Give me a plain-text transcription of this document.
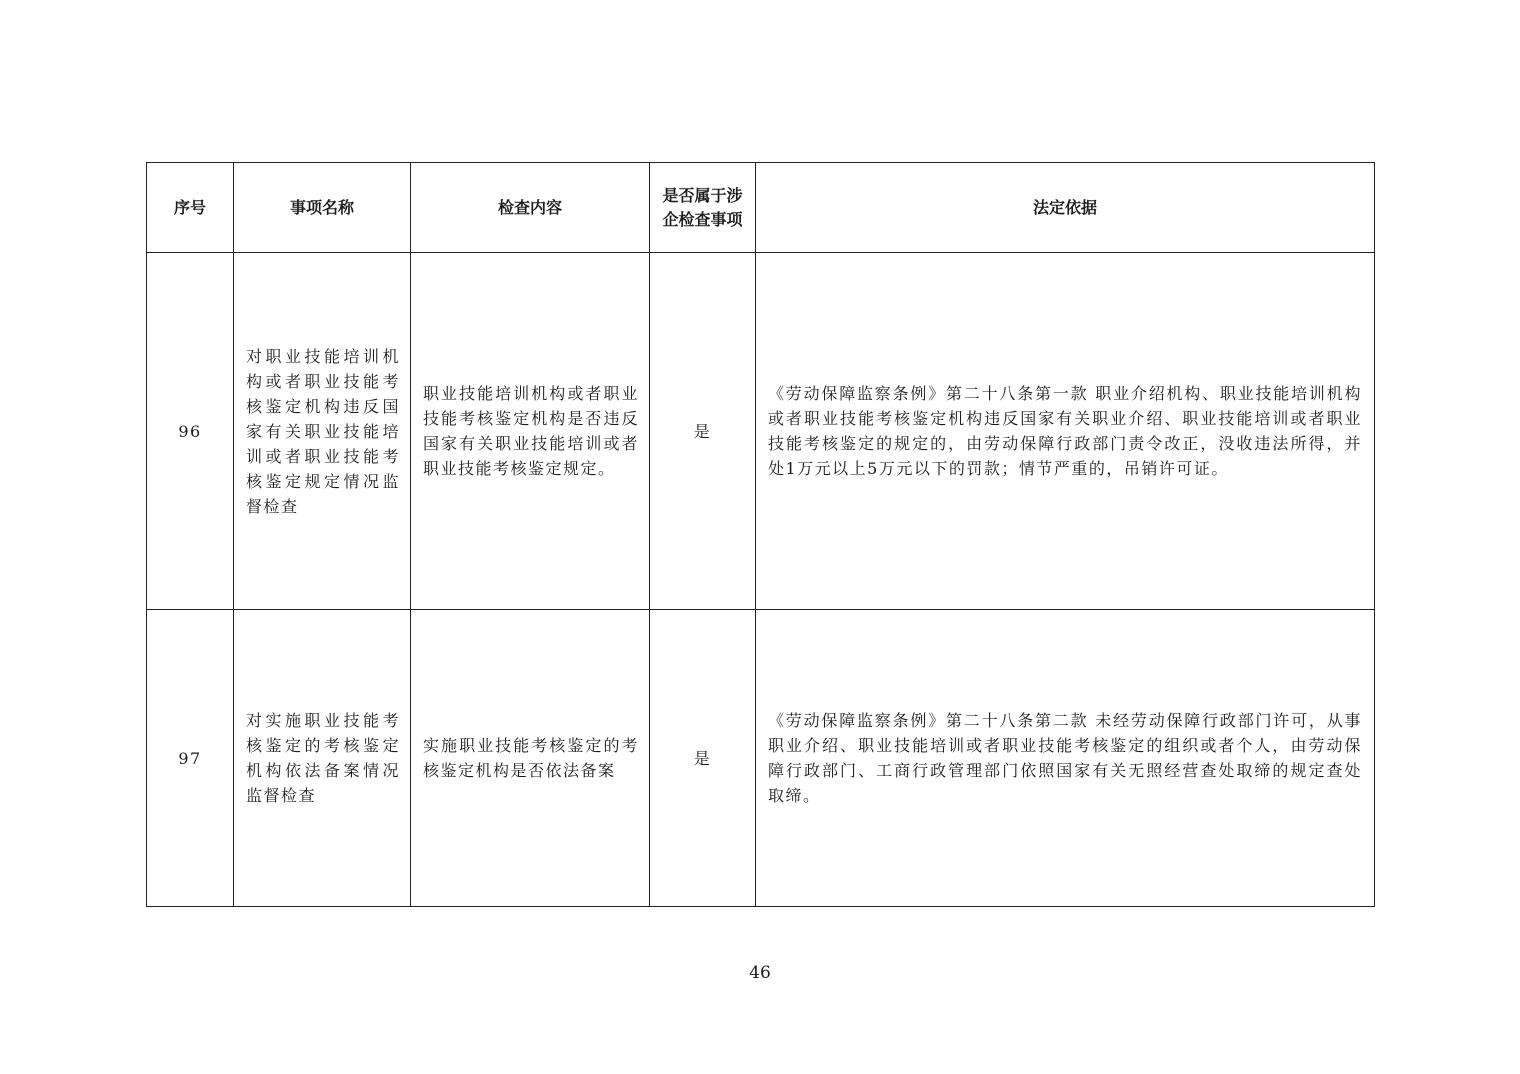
序号	事项名称	检查内容	是否属于涉企检查事项	法定依据
96	对职业技能培训机构或者职业技能考核鉴定机构违反国家有关职业技能培训或者职业技能考核鉴定规定情况监督检查	职业技能培训机构或者职业技能考核鉴定机构是否违反国家有关职业技能培训或者职业技能考核鉴定规定。	是	《劳动保障监察条例》第二十八条第一款 职业介绍机构、职业技能培训机构或者职业技能考核鉴定机构违反国家有关职业介绍、职业技能培训或者职业技能考核鉴定的规定的，由劳动保障行政部门责令改正，没收违法所得，并处1万元以上5万元以下的罚款；情节严重的，吊销许可证。
97	对实施职业技能考核鉴定的考核鉴定机构依法备案情况监督检查	实施职业技能考核鉴定的考核鉴定机构是否依法备案	是	《劳动保障监察条例》第二十八条第二款 未经劳动保障行政部门许可，从事职业介绍、职业技能培训或者职业技能考核鉴定的组织或者个人，由劳动保障行政部门、工商行政管理部门依照国家有关无照经营查处取缔的规定查处取缔。
46
